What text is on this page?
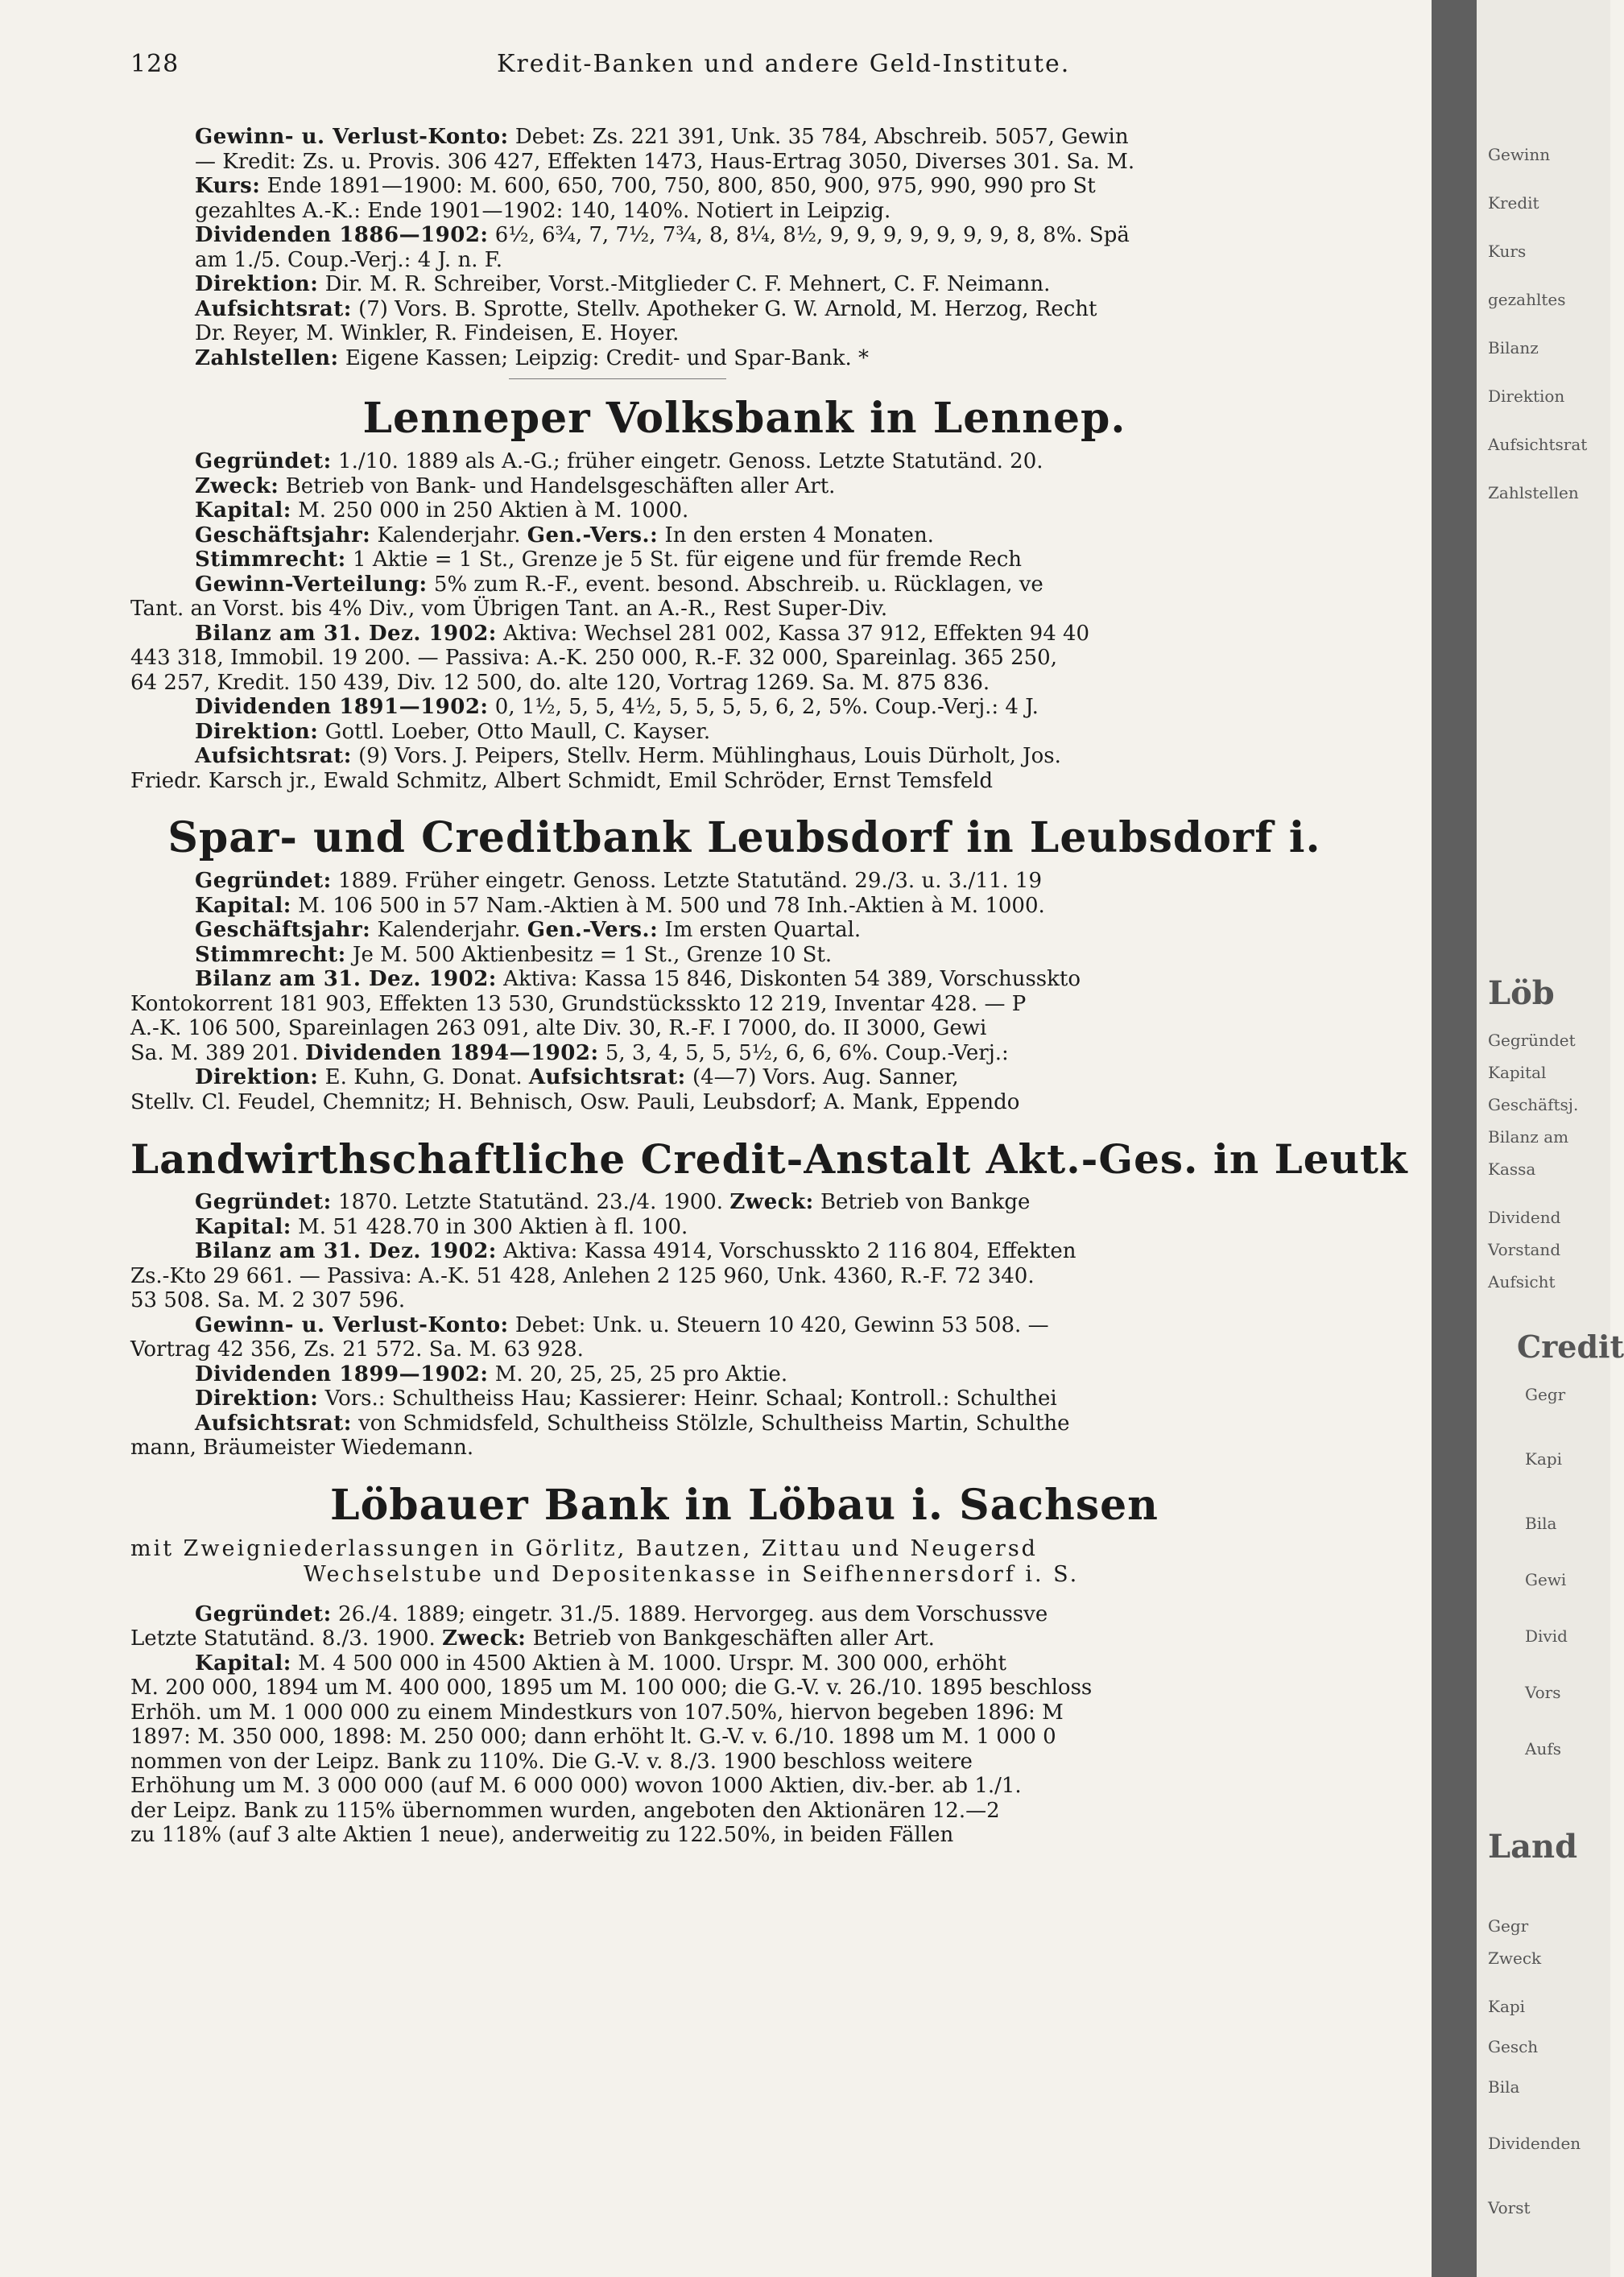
128	Kredit-Banken und andere Geld-Institute.
Gewinn- u. Verlust-Konto: Debet: Zs. 221 391, Unk. 35 784, Abschreib. 5057, Gewin
— Kredit: Zs. u. Provis. 306 427, Effekten 1473, Haus-Ertrag 3050, Diverses 301. Sa. M.
Kurs: Ende 1891—1900: M. 600, 650, 700, 750, 800, 850, 900, 975, 990, 990 pro St
gezahltes A.-K.: Ende 1901—1902: 140, 140%. Notiert in Leipzig.
Dividenden 1886—1902: 6½, 6¾, 7, 7½, 7¾, 8, 8¼, 8½, 9, 9, 9, 9, 9, 9, 9, 8, 8%. Spä
am 1./5. Coup.-Verj.: 4 J. n. F.
Direktion: Dir. M. R. Schreiber, Vorst.-Mitglieder C. F. Mehnert, C. F. Neimann.
Aufsichtsrat: (7) Vors. B. Sprotte, Stellv. Apotheker G. W. Arnold, M. Herzog, Recht
Dr. Reyer, M. Winkler, R. Findeisen, E. Hoyer.
Zahlstellen: Eigene Kassen; Leipzig: Credit- und Spar-Bank. *
Lenneper Volksbank in Lennep.
Gegründet: 1./10. 1889 als A.-G.; früher eingetr. Genoss. Letzte Statutänd. 20.
Zweck: Betrieb von Bank- und Handelsgeschäften aller Art.
Kapital: M. 250 000 in 250 Aktien à M. 1000.
Geschäftsjahr: Kalenderjahr. Gen.-Vers.: In den ersten 4 Monaten.
Stimmrecht: 1 Aktie = 1 St., Grenze je 5 St. für eigene und für fremde Rech
Gewinn-Verteilung: 5% zum R.-F., event. besond. Abschreib. u. Rücklagen, ve
Tant. an Vorst. bis 4% Div., vom Übrigen Tant. an A.-R., Rest Super-Div.
Bilanz am 31. Dez. 1902: Aktiva: Wechsel 281 002, Kassa 37 912, Effekten 94 40
443 318, Immobil. 19 200. — Passiva: A.-K. 250 000, R.-F. 32 000, Spareinlag. 365 250,
64 257, Kredit. 150 439, Div. 12 500, do. alte 120, Vortrag 1269. Sa. M. 875 836.
Dividenden 1891—1902: 0, 1½, 5, 5, 4½, 5, 5, 5, 5, 6, 2, 5%. Coup.-Verj.: 4 J.
Direktion: Gottl. Loeber, Otto Maull, C. Kayser.
Aufsichtsrat: (9) Vors. J. Peipers, Stellv. Herm. Mühlinghaus, Louis Dürholt, Jos.
Friedr. Karsch jr., Ewald Schmitz, Albert Schmidt, Emil Schröder, Ernst Temsfeld
Spar- und Creditbank Leubsdorf in Leubsdorf i.
Gegründet: 1889. Früher eingetr. Genoss. Letzte Statutänd. 29./3. u. 3./11. 19
Kapital: M. 106 500 in 57 Nam.-Aktien à M. 500 und 78 Inh.-Aktien à M. 1000.
Geschäftsjahr: Kalenderjahr. Gen.-Vers.: Im ersten Quartal.
Stimmrecht: Je M. 500 Aktienbesitz = 1 St., Grenze 10 St.
Bilanz am 31. Dez. 1902: Aktiva: Kassa 15 846, Diskonten 54 389, Vorschusskto
Kontokorrent 181 903, Effekten 13 530, Grundstücksskto 12 219, Inventar 428. — P
A.-K. 106 500, Spareinlagen 263 091, alte Div. 30, R.-F. I 7000, do. II 3000, Gewi
Sa. M. 389 201. Dividenden 1894—1902: 5, 3, 4, 5, 5, 5½, 6, 6, 6%. Coup.-Verj.:
Direktion: E. Kuhn, G. Donat. Aufsichtsrat: (4—7) Vors. Aug. Sanner,
Stellv. Cl. Feudel, Chemnitz; H. Behnisch, Osw. Pauli, Leubsdorf; A. Mank, Eppendo
Landwirthschaftliche Credit-Anstalt Akt.-Ges. in Leutk
Gegründet: 1870. Letzte Statutänd. 23./4. 1900. Zweck: Betrieb von Bankge
Kapital: M. 51 428.70 in 300 Aktien à fl. 100.
Bilanz am 31. Dez. 1902: Aktiva: Kassa 4914, Vorschusskto 2 116 804, Effekten
Zs.-Kto 29 661. — Passiva: A.-K. 51 428, Anlehen 2 125 960, Unk. 4360, R.-F. 72 340.
53 508. Sa. M. 2 307 596.
Gewinn- u. Verlust-Konto: Debet: Unk. u. Steuern 10 420, Gewinn 53 508. —
Vortrag 42 356, Zs. 21 572. Sa. M. 63 928.
Dividenden 1899—1902: M. 20, 25, 25, 25 pro Aktie.
Direktion: Vors.: Schultheiss Hau; Kassierer: Heinr. Schaal; Kontroll.: Schulthei
Aufsichtsrat: von Schmidsfeld, Schultheiss Stölzle, Schultheiss Martin, Schulthe
mann, Bräumeister Wiedemann.
Löbauer Bank in Löbau i. Sachsen
mit Zweigniederlassungen in Görlitz, Bautzen, Zittau und Neugersd
Wechselstube und Depositenkasse in Seifhennersdorf i. S.
Gegründet: 26./4. 1889; eingetr. 31./5. 1889. Hervorgeg. aus dem Vorschussve
Letzte Statutänd. 8./3. 1900. Zweck: Betrieb von Bankgeschäften aller Art.
Kapital: M. 4 500 000 in 4500 Aktien à M. 1000. Urspr. M. 300 000, erhöht
M. 200 000, 1894 um M. 400 000, 1895 um M. 100 000; die G.-V. v. 26./10. 1895 beschloss
Erhöh. um M. 1 000 000 zu einem Mindestkurs von 107.50%, hiervon begeben 1896: M
1897: M. 350 000, 1898: M. 250 000; dann erhöht lt. G.-V. v. 6./10. 1898 um M. 1 000 0
nommen von der Leipz. Bank zu 110%. Die G.-V. v. 8./3. 1900 beschloss weitere
Erhöhung um M. 3 000 000 (auf M. 6 000 000) wovon 1000 Aktien, div.-ber. ab 1./1.
der Leipz. Bank zu 115% übernommen wurden, angeboten den Aktionären 12.—2
zu 118% (auf 3 alte Aktien 1 neue), anderweitig zu 122.50%, in beiden Fällen
Gewinn
Kredit
Kurs
gezahltes
Bilanz
Direktion
Aufsichtsrat
Zahlstellen
Löb
Gegründet
Kapital
Geschäftsj.
Bilanz am
Kassa
Dividend
Vorstand
Aufsicht
Credit
Gegr
Kapi
Bila
Gewi
Divid
Vors
Aufs
Land
Gegr
Zweck
Kapi
Gesch
Bila
Dividenden
Vorst
